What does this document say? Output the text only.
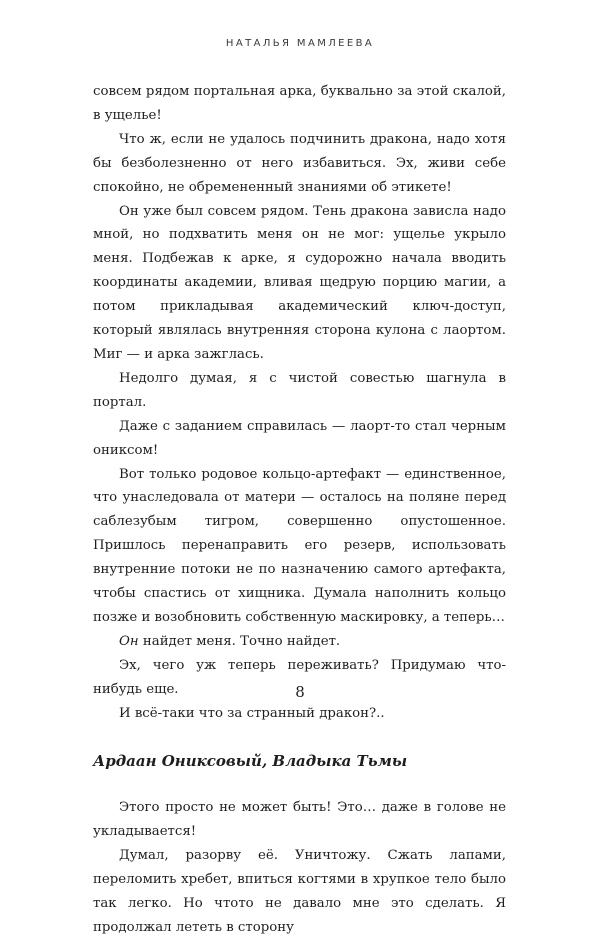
НАТАЛЬЯ МАМЛЕЕВА

совсем рядом портальная арка, буквально за этой скалой, в ущелье!

Что ж, если не удалось подчинить дракона, надо хотя бы безболезненно от него избавиться. Эх, живи себе спокойно, не обремененный знаниями об этикете!

Он уже был совсем рядом. Тень дракона зависла надо мной, но подхватить меня он не мог: ущелье укрыло меня. Подбежав к арке, я судорожно начала вводить координаты академии, вливая щедрую порцию магии, а потом прикладывая академический ключ-доступ, который являлась внутренняя сторона кулона с лаортом. Миг — и арка зажглась.

Недолго думая, я с чистой совестью шагнула в портал.

Даже с заданием справилась — лаорт-то стал черным ониксом!

Вот только родовое кольцо-артефакт — единственное, что унаследовала от матери — осталось на поляне перед саблезубым тигром, совершенно опустошенное. Пришлось перенаправить его резерв, использовать внутренние потоки не по назначению самого артефакта, чтобы спастись от хищника. Думала наполнить кольцо позже и возобновить собственную маскировку, а теперь…

Он найдет меня. Точно найдет.

Эх, чего уж теперь переживать? Придумаю что-нибудь еще.

И всё-таки что за странный дракон?..

Ардаан Ониксовый, Владыка Тьмы

Этого просто не может быть! Это… даже в голове не укладывается!

Думал, разорву её. Уничтожу. Сжать лапами, переломить хребет, впиться когтями в хрупкое тело было так легко. Но чтото не давало мне это сделать. Я продолжал лететь в сторону

8
